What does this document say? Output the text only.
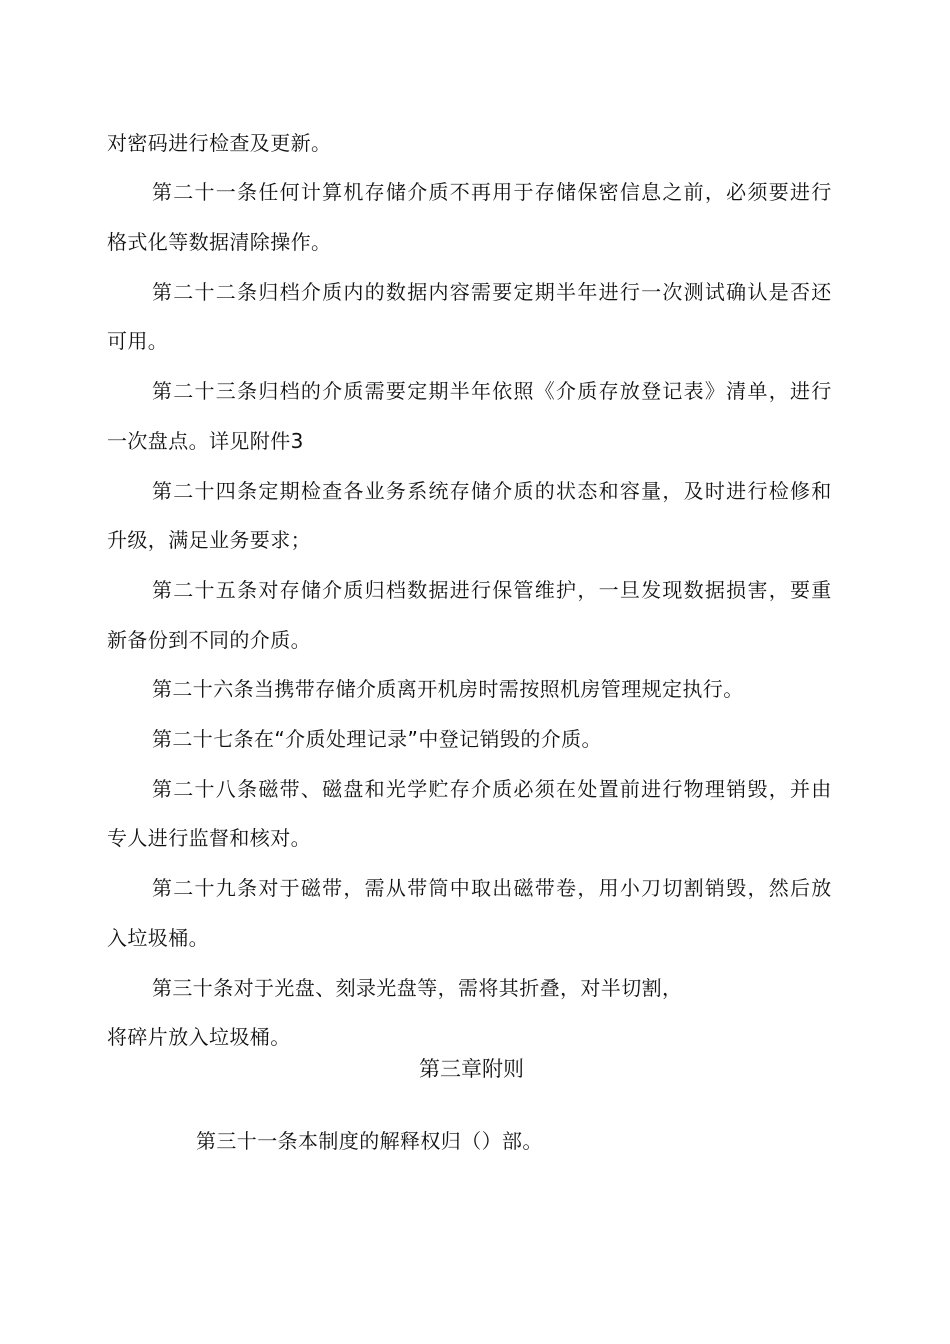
对密码进行检查及更新。
第 二 十 一 条 任 何 计 算 机 存 储 介 质 不 再 用 于 存 储 保 密 信 息 之 前 ， 必 须 要 进 行
格式化等数据清除操作。
第 二 十 二 条 归 档 介 质 内 的 数 据 内 容 需 要 定 期 半 年 进 行 一 次 测 试 确 认 是 否 还
可用。
第 二 十 三 条 归 档 的 介 质 需 要 定 期 半 年 依 照 《 介 质 存 放 登 记 表 》 清 单 ， 进 行
一次盘点。详见附件3
第 二 十 四 条 定 期 检 查 各 业 务 系 统 存 储 介 质 的 状 态 和 容 量 ， 及 时 进 行 检 修 和
升级，满足业务要求；
第 二 十 五 条 对 存 储 介 质 归 档 数 据 进 行 保 管 维 护 ， 一 旦 发 现 数 据 损 害 ， 要 重
新备份到不同的介质。
第二十六条当携带存储介质离开机房时需按照机房管理规定执行。
第二十七条在“介质处理记录”中登记销毁的介质。
第 二 十 八 条 磁 带 、 磁 盘 和 光 学 贮 存 介 质 必 须 在 处 置 前 进 行 物 理 销 毁 ， 并 由
专人进行监督和核对。
第 二 十 九 条 对 于 磁 带 ， 需 从 带 筒 中 取 出 磁 带 卷 ， 用 小 刀 切 割 销 毁 ， 然 后 放
入垃圾桶。
第三十条对于光盘、刻录光盘等，需将其折叠，对半切割，
将碎片放入垃圾桶。
第三章附则
第三十一条本制度的解释权归（）部。
